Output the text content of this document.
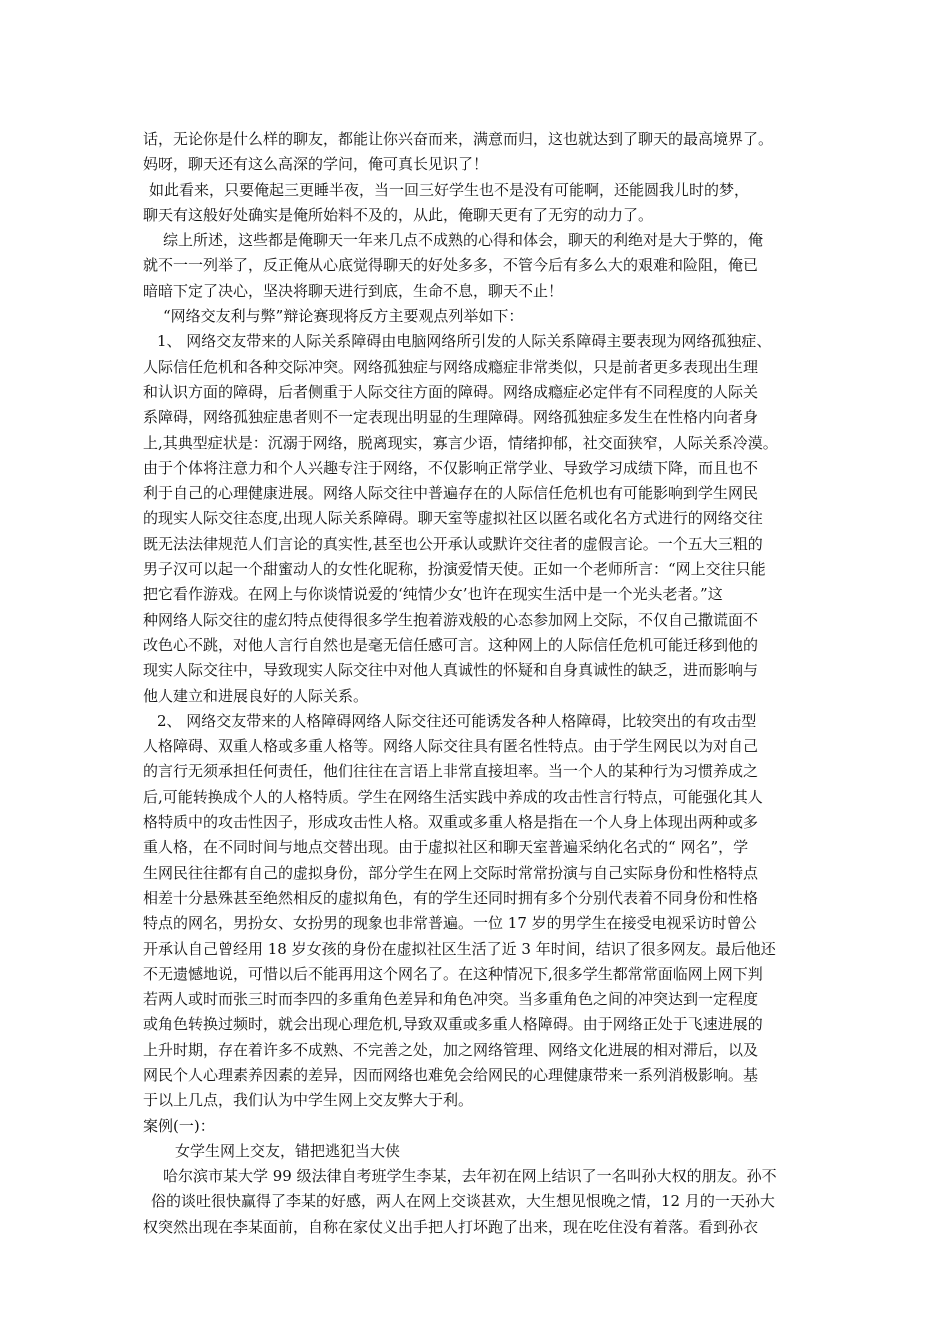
话，无论你是什么样的聊友，都能让你兴奋而来，满意而归，这也就达到了聊天的最高境界了。
妈呀，聊天还有这么高深的学问，俺可真长见识了！
如此看来，只要俺起三更睡半夜，当一回三好学生也不是没有可能啊，还能圆我儿时的梦，
聊天有这般好处确实是俺所始料不及的，从此，俺聊天更有了无穷的动力了。
综上所述，这些都是俺聊天一年来几点不成熟的心得和体会，聊天的利绝对是大于弊的，俺
就不一一列举了，反正俺从心底觉得聊天的好处多多，不管今后有多么大的艰难和险阻，俺已
暗暗下定了决心，坚决将聊天进行到底，生命不息，聊天不止！
“网络交友利与弊”辩论赛现将反方主要观点列举如下：
1、 网络交友带来的人际关系障碍由电脑网络所引发的人际关系障碍主要表现为网络孤独症、
人际信任危机和各种交际冲突。网络孤独症与网络成瘾症非常类似，只是前者更多表现出生理
和认识方面的障碍，后者侧重于人际交往方面的障碍。网络成瘾症必定伴有不同程度的人际关
系障碍，网络孤独症患者则不一定表现出明显的生理障碍。网络孤独症多发生在性格内向者身
上,其典型症状是：沉溺于网络，脱离现实，寡言少语，情绪抑郁，社交面狭窄，人际关系冷漠。
由于个体将注意力和个人兴趣专注于网络，不仅影响正常学业、导致学习成绩下降，而且也不
利于自己的心理健康进展。网络人际交往中普遍存在的人际信任危机也有可能影响到学生网民
的现实人际交往态度,出现人际关系障碍。聊天室等虚拟社区以匿名或化名方式进行的网络交往
既无法法律规范人们言论的真实性,甚至也公开承认或默许交往者的虚假言论。一个五大三粗的
男子汉可以起一个甜蜜动人的女性化昵称，扮演爱情天使。正如一个老师所言：“网上交往只能
把它看作游戏。在网上与你谈情说爱的‘纯情少女’也许在现实生活中是一个光头老者。”这
种网络人际交往的虚幻特点使得很多学生抱着游戏般的心态参加网上交际，不仅自己撒谎面不
改色心不跳，对他人言行自然也是毫无信任感可言。这种网上的人际信任危机可能迁移到他的
现实人际交往中，导致现实人际交往中对他人真诚性的怀疑和自身真诚性的缺乏，进而影响与
他人建立和进展良好的人际关系。
2、 网络交友带来的人格障碍网络人际交往还可能诱发各种人格障碍，比较突出的有攻击型
人格障碍、双重人格或多重人格等。网络人际交往具有匿名性特点。由于学生网民以为对自己
的言行无须承担任何责任，他们往往在言语上非常直接坦率。当一个人的某种行为习惯养成之
后,可能转换成个人的人格特质。学生在网络生活实践中养成的攻击性言行特点，可能强化其人
格特质中的攻击性因子，形成攻击性人格。双重或多重人格是指在一个人身上体现出两种或多
重人格，在不同时间与地点交替出现。由于虚拟社区和聊天室普遍采纳化名式的“ 网名”，学
生网民往往都有自己的虚拟身份，部分学生在网上交际时常常扮演与自己实际身份和性格特点
相差十分悬殊甚至绝然相反的虚拟角色，有的学生还同时拥有多个分别代表着不同身份和性格
特点的网名，男扮女、女扮男的现象也非常普遍。一位 17 岁的男学生在接受电视采访时曾公
开承认自己曾经用 18 岁女孩的身份在虚拟社区生活了近 3 年时间，结识了很多网友。最后他还
不无遗憾地说，可惜以后不能再用这个网名了。在这种情况下,很多学生都常常面临网上网下判
若两人或时而张三时而李四的多重角色差异和角色冲突。当多重角色之间的冲突达到一定程度
或角色转换过频时，就会出现心理危机,导致双重或多重人格障碍。由于网络正处于飞速进展的
上升时期，存在着许多不成熟、不完善之处，加之网络管理、网络文化进展的相对滞后，以及
网民个人心理素养因素的差异，因而网络也难免会给网民的心理健康带来一系列消极影响。基
于以上几点，我们认为中学生网上交友弊大于利。
案例(一)：
女学生网上交友，错把逃犯当大侠
哈尔滨市某大学 99 级法律自考班学生李某，去年初在网上结识了一名叫孙大权的朋友。孙不
俗的谈吐很快赢得了李某的好感，两人在网上交谈甚欢，大生想见恨晚之情，12 月的一天孙大
权突然出现在李某面前，自称在家仗义出手把人打坏跑了出来，现在吃住没有着落。看到孙衣
